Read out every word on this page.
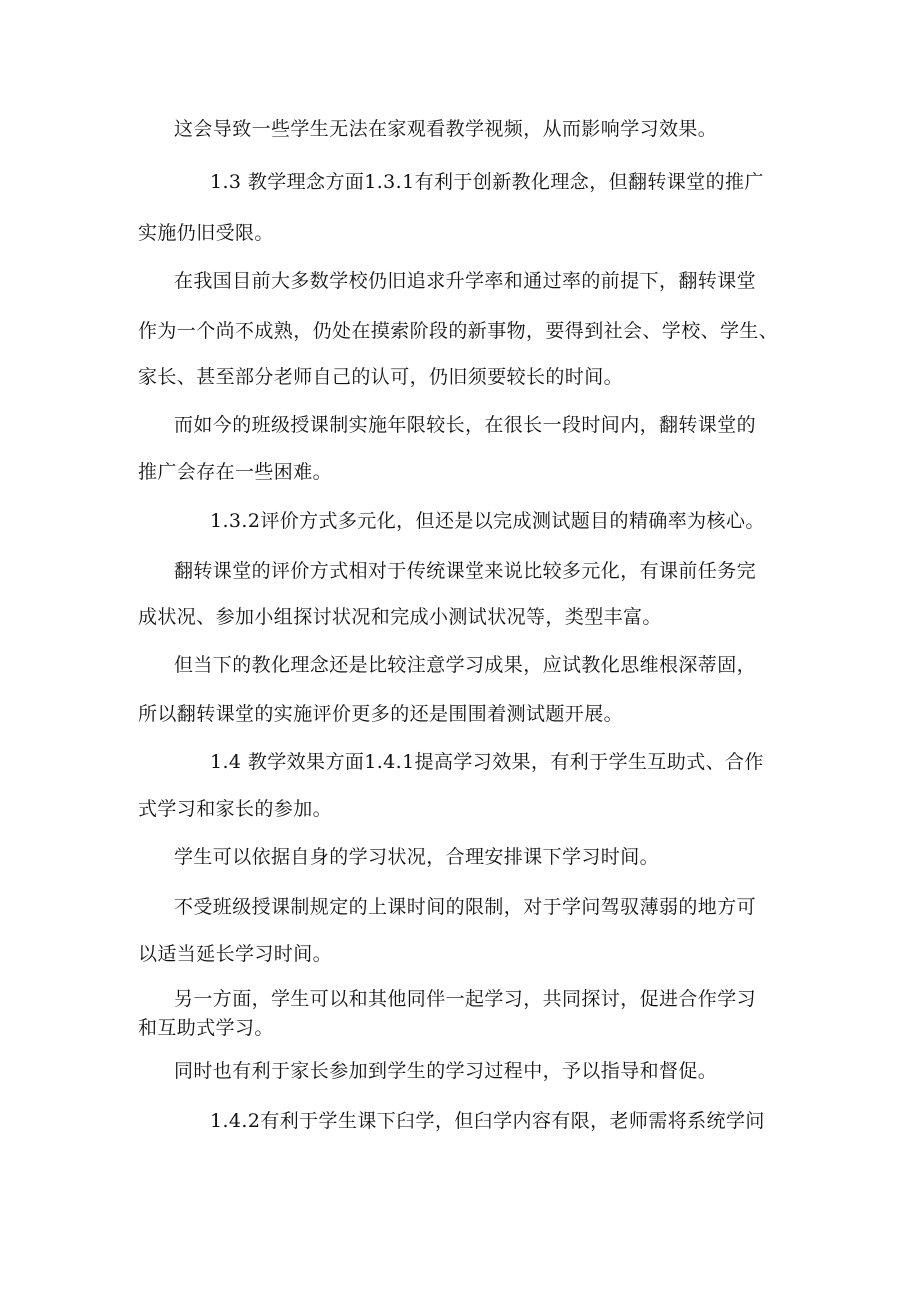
这会导致一些学生无法在家观看教学视频，从而影响学习效果。

1.3 教学理念方面1.3.1有利于创新教化理念，但翻转课堂的推广

实施仍旧受限。

在我国目前大多数学校仍旧追求升学率和通过率的前提下，翻转课堂

作为一个尚不成熟，仍处在摸索阶段的新事物，要得到社会、学校、学生、

家长、甚至部分老师自己的认可，仍旧须要较长的时间。

而如今的班级授课制实施年限较长，在很长一段时间内，翻转课堂的

推广会存在一些困难。

1.3.2评价方式多元化，但还是以完成测试题目的精确率为核心。

翻转课堂的评价方式相对于传统课堂来说比较多元化，有课前任务完

成状况、参加小组探讨状况和完成小测试状况等，类型丰富。

但当下的教化理念还是比较注意学习成果，应试教化思维根深蒂固，

所以翻转课堂的实施评价更多的还是围围着测试题开展。

1.4 教学效果方面1.4.1提高学习效果，有利于学生互助式、合作

式学习和家长的参加。

学生可以依据自身的学习状况，合理安排课下学习时间。

不受班级授课制规定的上课时间的限制，对于学问驾驭薄弱的地方可

以适当延长学习时间。

另一方面，学生可以和其他同伴一起学习，共同探讨，促进合作学习

和互助式学习。

同时也有利于家长参加到学生的学习过程中，予以指导和督促。

1.4.2有利于学生课下臼学，但臼学内容有限，老师需将系统学问
